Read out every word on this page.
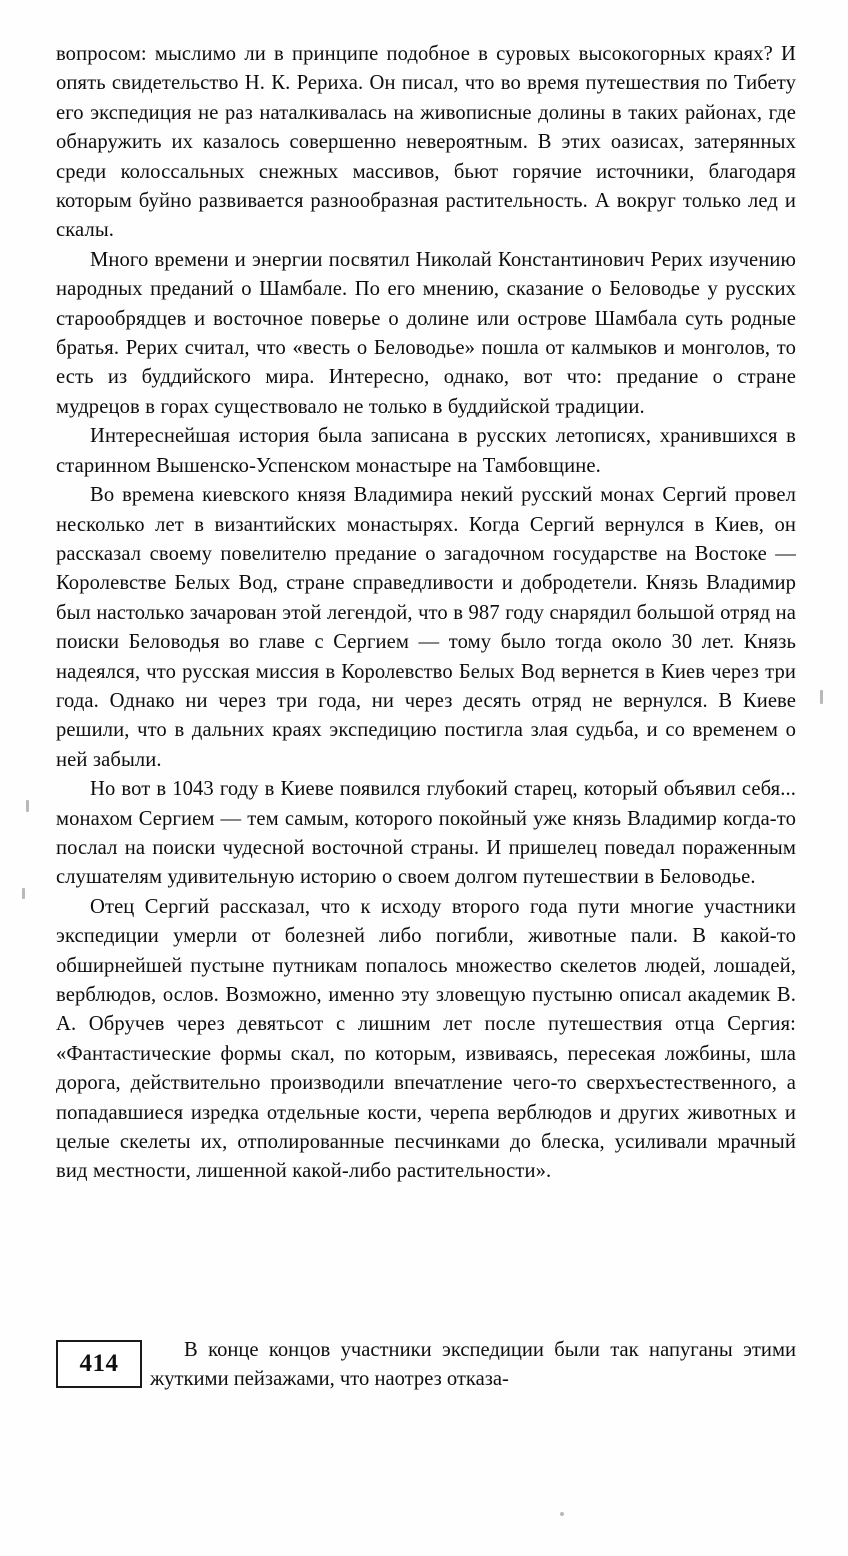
вопросом: мыслимо ли в принципе подобное в суровых высокогорных краях? И опять свидетельство Н. К. Рериха. Он писал, что во время путешествия по Тибету его экспедиция не раз наталкивалась на живописные долины в таких районах, где обнаружить их казалось совершенно невероятным. В этих оазисах, затерянных среди колоссальных снежных массивов, бьют горячие источники, благодаря которым буйно развивается разнообразная растительность. А вокруг только лед и скалы.

Много времени и энергии посвятил Николай Константинович Рерих изучению народных преданий о Шамбале. По его мнению, сказание о Беловодье у русских старообрядцев и восточное поверье о долине или острове Шамбала суть родные братья. Рерих считал, что «весть о Беловодье» пошла от калмыков и монголов, то есть из буддийского мира. Интересно, однако, вот что: предание о стране мудрецов в горах существовало не только в буддийской традиции.

Интереснейшая история была записана в русских летописях, хранившихся в старинном Вышенско-Успенском монастыре на Тамбовщине.

Во времена киевского князя Владимира некий русский монах Сергий провел несколько лет в византийских монастырях. Когда Сергий вернулся в Киев, он рассказал своему повелителю предание о загадочном государстве на Востоке — Королевстве Белых Вод, стране справедливости и добродетели. Князь Владимир был настолько зачарован этой легендой, что в 987 году снарядил большой отряд на поиски Беловодья во главе с Сергием — тому было тогда около 30 лет. Князь надеялся, что русская миссия в Королевство Белых Вод вернется в Киев через три года. Однако ни через три года, ни через десять отряд не вернулся. В Киеве решили, что в дальних краях экспедицию постигла злая судьба, и со временем о ней забыли.

Но вот в 1043 году в Киеве появился глубокий старец, который объявил себя... монахом Сергием — тем самым, которого покойный уже князь Владимир когда-то послал на поиски чудесной восточной страны. И пришелец поведал пораженным слушателям удивительную историю о своем долгом путешествии в Беловодье.

Отец Сергий рассказал, что к исходу второго года пути многие участники экспедиции умерли от болезней либо погибли, животные пали. В какой-то обширнейшей пустыне путникам попалось множество скелетов людей, лошадей, верблюдов, ослов. Возможно, именно эту зловещую пустыню описал академик В. А. Обручев через девятьсот с лишним лет после путешествия отца Сергия: «Фантастические формы скал, по которым, извиваясь, пересекая ложбины, шла дорога, действительно производили впечатление чего-то сверхъестественного, а попадавшиеся изредка отдельные кости, черепа верблюдов и других животных и целые скелеты их, отполированные песчинками до блеска, усиливали мрачный вид местности, лишенной какой-либо растительности».

414	В конце концов участники экспедиции были так напуганы этими жуткими пейзажами, что наотрез отказа-
